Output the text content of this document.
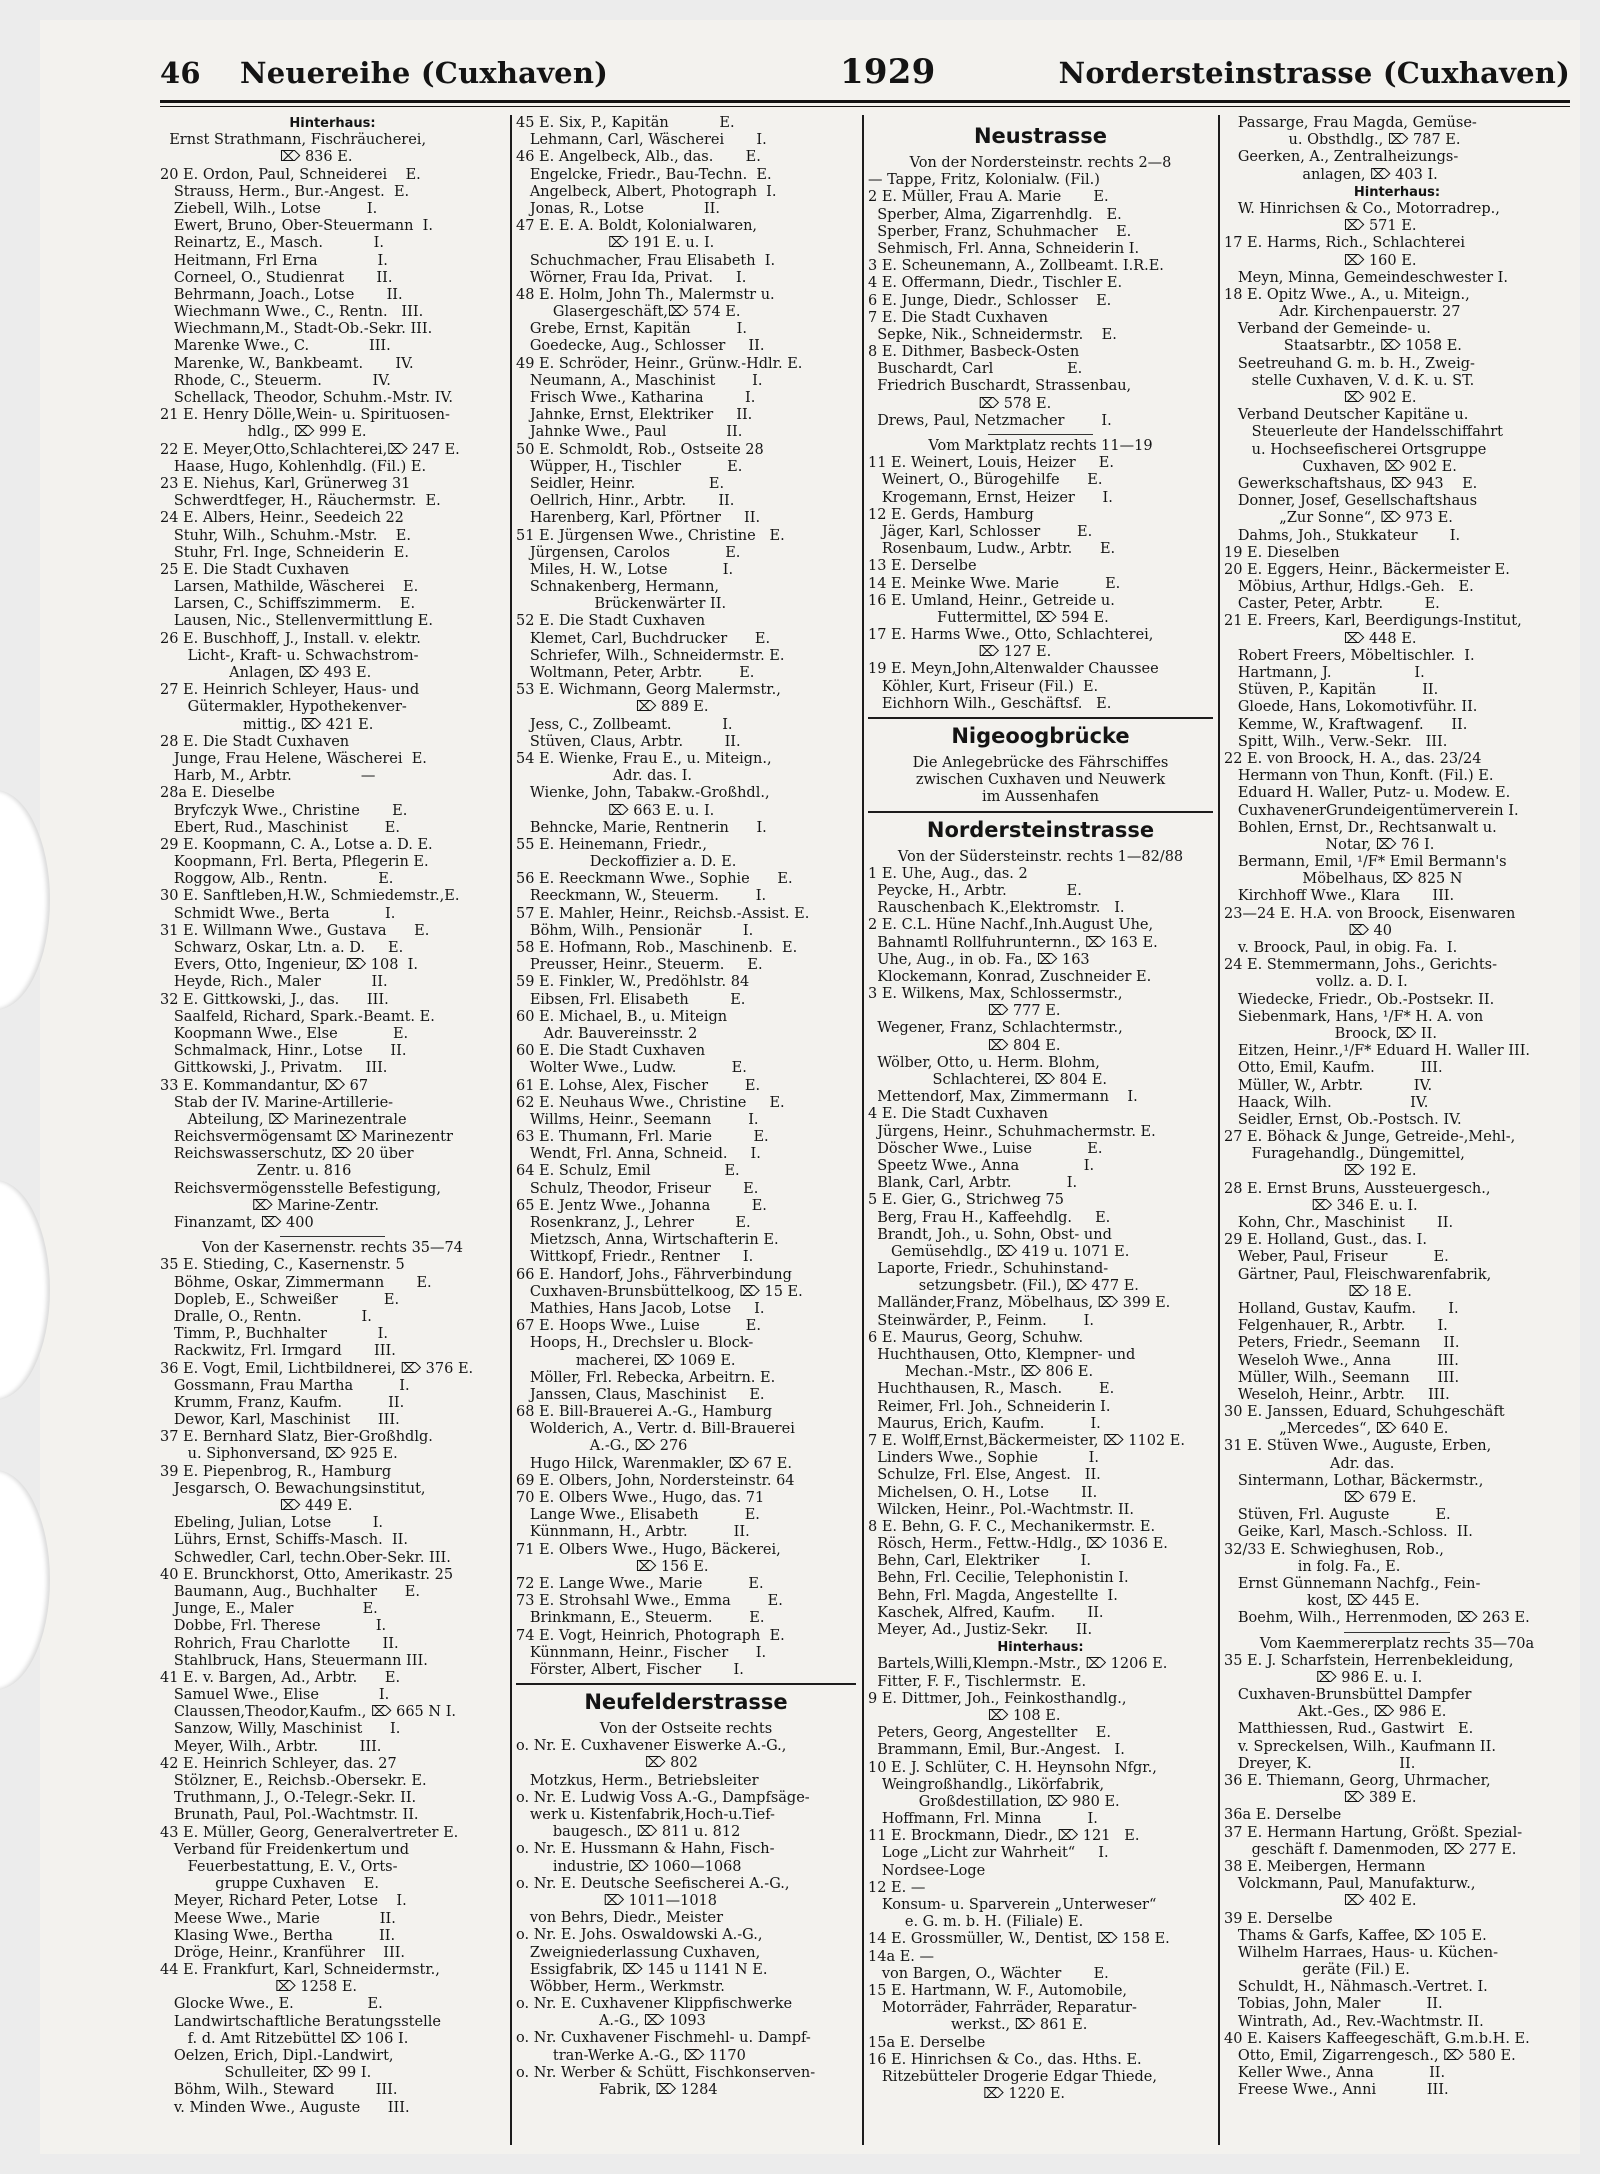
46 Neuereihe (Cuxhaven)	1929	Nordersteinstrasse (Cuxhaven)
Hinterhaus:
Ernst Strathmann, Fischräucherei,
⌦ 836 E.
20 E. Ordon, Paul, Schneiderei    E.
Strauss, Herm., Bur.-Angest.  E.
Ziebell, Wilh., Lotse          I.
Ewert, Bruno, Ober-Steuermann  I.
Reinartz, E., Masch.           I.
Heitmann, Frl Erna             I.
Corneel, O., Studienrat       II.
Behrmann, Joach., Lotse       II.
Wiechmann Wwe., C., Rentn.   III.
Wiechmann,M., Stadt-Ob.-Sekr. III.
Marenke Wwe., C.             III.
Marenke, W., Bankbeamt.       IV.
Rhode, C., Steuerm.           IV.
Schellack, Theodor, Schuhm.-Mstr. IV.
21 E. Henry Dölle,Wein- u. Spirituosen-
hdlg., ⌦ 999 E.
22 E. Meyer,Otto,Schlachterei,⌦ 247 E.
Haase, Hugo, Kohlenhdlg. (Fil.) E.
23 E. Niehus, Karl, Grünerweg 31
Schwerdtfeger, H., Räuchermstr.  E.
24 E. Albers, Heinr., Seedeich 22
Stuhr, Wilh., Schuhm.-Mstr.    E.
Stuhr, Frl. Inge, Schneiderin  E.
25 E. Die Stadt Cuxhaven
Larsen, Mathilde, Wäscherei    E.
Larsen, C., Schiffszimmerm.    E.
Lausen, Nic., Stellenvermittlung E.
26 E. Buschhoff, J., Install. v. elektr.
Licht-, Kraft- u. Schwachstrom-
Anlagen, ⌦ 493 E.
27 E. Heinrich Schleyer, Haus- und
Gütermakler, Hypothekenver-
mittig., ⌦ 421 E.
28 E. Die Stadt Cuxhaven
Junge, Frau Helene, Wäscherei  E.
Harb, M., Arbtr.               —
28a E. Dieselbe
Bryfczyk Wwe., Christine       E.
Ebert, Rud., Maschinist        E.
29 E. Koopmann, C. A., Lotse a. D. E.
Koopmann, Frl. Berta, Pflegerin E.
Roggow, Alb., Rentn.           E.
30 E. Sanftleben,H.W., Schmiedemstr.,E.
Schmidt Wwe., Berta            I.
31 E. Willmann Wwe., Gustava      E.
Schwarz, Oskar, Ltn. a. D.     E.
Evers, Otto, Ingenieur, ⌦ 108  I.
Heyde, Rich., Maler           II.
32 E. Gittkowski, J., das.      III.
Saalfeld, Richard, Spark.-Beamt. E.
Koopmann Wwe., Else            E.
Schmalmack, Hinr., Lotse      II.
Gittkowski, J., Privatm.     III.
33 E. Kommandantur, ⌦ 67
Stab der IV. Marine-Artillerie-
Abteilung, ⌦ Marinezentrale
Reichsvermögensamt ⌦ Marinezentr
Reichswasserschutz, ⌦ 20 über
Zentr. u. 816
Reichsvermögensstelle Befestigung,
⌦ Marine-Zentr.
Finanzamt, ⌦ 400
Von der Kasernenstr. rechts 35—74
35 E. Stieding, C., Kasernenstr. 5
Böhme, Oskar, Zimmermann       E.
Dopleb, E., Schweißer          E.
Dralle, O., Rentn.             I.
Timm, P., Buchhalter           I.
Rackwitz, Frl. Irmgard       III.
36 E. Vogt, Emil, Lichtbildnerei, ⌦ 376 E.
Gossmann, Frau Martha          I.
Krumm, Franz, Kaufm.          II.
Dewor, Karl, Maschinist      III.
37 E. Bernhard Slatz, Bier-Großhdlg.
u. Siphonversand, ⌦ 925 E.
39 E. Piepenbrog, R., Hamburg
Jesgarsch, O. Bewachungsinstitut,
⌦ 449 E.
Ebeling, Julian, Lotse         I.
Lührs, Ernst, Schiffs-Masch.  II.
Schwedler, Carl, techn.Ober-Sekr. III.
40 E. Brunckhorst, Otto, Amerikastr. 25
Baumann, Aug., Buchhalter      E.
Junge, E., Maler               E.
Dobbe, Frl. Therese            I.
Rohrich, Frau Charlotte       II.
Stahlbruck, Hans, Steuermann III.
41 E. v. Bargen, Ad., Arbtr.      E.
Samuel Wwe., Elise             I.
Claussen,Theodor,Kaufm., ⌦ 665 N I.
Sanzow, Willy, Maschinist      I.
Meyer, Wilh., Arbtr.         III.
42 E. Heinrich Schleyer, das. 27
Stölzner, E., Reichsb.-Obersekr. E.
Truthmann, J., O.-Telegr.-Sekr. II.
Brunath, Paul, Pol.-Wachtmstr. II.
43 E. Müller, Georg, Generalvertreter E.
Verband für Freidenkertum und
Feuerbestattung, E. V., Orts-
gruppe Cuxhaven    E.
Meyer, Richard Peter, Lotse    I.
Meese Wwe., Marie             II.
Klasing Wwe., Bertha          II.
Dröge, Heinr., Kranführer    III.
44 E. Frankfurt, Karl, Schneidermstr.,
⌦ 1258 E.
Glocke Wwe., E.                E.
Landwirtschaftliche Beratungsstelle
f. d. Amt Ritzebüttel ⌦ 106 I.
Oelzen, Erich, Dipl.-Landwirt,
Schulleiter, ⌦ 99 I.
Böhm, Wilh., Steward         III.
v. Minden Wwe., Auguste      III.
45 E. Six, P., Kapitän           E.
Lehmann, Carl, Wäscherei       I.
46 E. Angelbeck, Alb., das.       E.
Engelcke, Friedr., Bau-Techn.  E.
Angelbeck, Albert, Photograph  I.
Jonas, R., Lotse             II.
47 E. E. A. Boldt, Kolonialwaren,
⌦ 191 E. u. I.
Schuchmacher, Frau Elisabeth  I.
Wörner, Frau Ida, Privat.     I.
48 E. Holm, John Th., Malermstr u.
Glasergeschäft,⌦ 574 E.
Grebe, Ernst, Kapitän          I.
Goedecke, Aug., Schlosser     II.
49 E. Schröder, Heinr., Grünw.-Hdlr. E.
Neumann, A., Maschinist        I.
Frisch Wwe., Katharina         I.
Jahnke, Ernst, Elektriker     II.
Jahnke Wwe., Paul             II.
50 E. Schmoldt, Rob., Ostseite 28
Wüpper, H., Tischler          E.
Seidler, Heinr.                E.
Oellrich, Hinr., Arbtr.       II.
Harenberg, Karl, Pförtner     II.
51 E. Jürgensen Wwe., Christine   E.
Jürgensen, Carolos            E.
Miles, H. W., Lotse            I.
Schnakenberg, Hermann,
Brückenwärter II.
52 E. Die Stadt Cuxhaven
Klemet, Carl, Buchdrucker      E.
Schriefer, Wilh., Schneidermstr. E.
Woltmann, Peter, Arbtr.        E.
53 E. Wichmann, Georg Malermstr.,
⌦ 889 E.
Jess, C., Zollbeamt.           I.
Stüven, Claus, Arbtr.         II.
54 E. Wienke, Frau E., u. Miteign.,
Adr. das. I.
Wienke, John, Tabakw.-Großhdl.,
⌦ 663 E. u. I.
Behncke, Marie, Rentnerin      I.
55 E. Heinemann, Friedr.,
Deckoffizier a. D. E.
56 E. Reeckmann Wwe., Sophie      E.
Reeckmann, W., Steuerm.        I.
57 E. Mahler, Heinr., Reichsb.-Assist. E.
Böhm, Wilh., Pensionär         I.
58 E. Hofmann, Rob., Maschinenb.  E.
Preusser, Heinr., Steuerm.     E.
59 E. Finkler, W., Predöhlstr. 84
Eibsen, Frl. Elisabeth         E.
60 E. Michael, B., u. Miteign
Adr. Bauvereinsstr. 2
60 E. Die Stadt Cuxhaven
Wolter Wwe., Ludw.            E.
61 E. Lohse, Alex, Fischer        E.
62 E. Neuhaus Wwe., Christine     E.
Willms, Heinr., Seemann        I.
63 E. Thumann, Frl. Marie         E.
Wendt, Frl. Anna, Schneid.     I.
64 E. Schulz, Emil                E.
Schulz, Theodor, Friseur       E.
65 E. Jentz Wwe., Johanna         E.
Rosenkranz, J., Lehrer         E.
Mietzsch, Anna, Wirtschafterin E.
Wittkopf, Friedr., Rentner     I.
66 E. Handorf, Johs., Fährverbindung
Cuxhaven-Brunsbüttelkoog, ⌦ 15 E.
Mathies, Hans Jacob, Lotse     I.
67 E. Hoops Wwe., Luise          E.
Hoops, H., Drechsler u. Block-
macherei, ⌦ 1069 E.
Möller, Frl. Rebecka, Arbeitrn. E.
Janssen, Claus, Maschinist     E.
68 E. Bill-Brauerei A.-G., Hamburg
Wolderich, A., Vertr. d. Bill-Brauerei
A.-G., ⌦ 276
Hugo Hilck, Warenmakler, ⌦ 67 E.
69 E. Olbers, John, Nordersteinstr. 64
70 E. Olbers Wwe., Hugo, das. 71
Lange Wwe., Elisabeth          E.
Künnmann, H., Arbtr.          II.
71 E. Olbers Wwe., Hugo, Bäckerei,
⌦ 156 E.
72 E. Lange Wwe., Marie          E.
73 E. Strohsahl Wwe., Emma        E.
Brinkmann, E., Steuerm.        E.
74 E. Vogt, Heinrich, Photograph  E.
Künnmann, Heinr., Fischer      I.
Förster, Albert, Fischer       I.
Neufelderstrasse
Von der Ostseite rechts
o. Nr. E. Cuxhavener Eiswerke A.-G.,
⌦ 802
Motzkus, Herm., Betriebsleiter
o. Nr. E. Ludwig Voss A.-G., Dampfsäge-
werk u. Kistenfabrik,Hoch-u.Tief-
baugesch., ⌦ 811 u. 812
o. Nr. E. Hussmann & Hahn, Fisch-
industrie, ⌦ 1060—1068
o. Nr. E. Deutsche Seefischerei A.-G.,
⌦ 1011—1018
von Behrs, Diedr., Meister
o. Nr. E. Johs. Oswaldowski A.-G.,
Zweigniederlassung Cuxhaven,
Essigfabrik, ⌦ 145 u 1141 N E.
Wöbber, Herm., Werkmstr.
o. Nr. E. Cuxhavener Klippfischwerke
A.-G., ⌦ 1093
o. Nr. Cuxhavener Fischmehl- u. Dampf-
tran-Werke A.-G., ⌦ 1170
o. Nr. Werber & Schütt, Fischkonserven-
Fabrik, ⌦ 1284
Neustrasse
Von der Nordersteinstr. rechts 2—8
— Tappe, Fritz, Kolonialw. (Fil.)
2 E. Müller, Frau A. Marie       E.
Sperber, Alma, Zigarrenhdlg.   E.
Sperber, Franz, Schuhmacher    E.
Sehmisch, Frl. Anna, Schneiderin I.
3 E. Scheunemann, A., Zollbeamt. I.R.E.
4 E. Offermann, Diedr., Tischler E.
6 E. Junge, Diedr., Schlosser    E.
7 E. Die Stadt Cuxhaven
Sepke, Nik., Schneidermstr.    E.
8 E. Dithmer, Basbeck-Osten
Buschardt, Carl                E.
Friedrich Buschardt, Strassenbau,
⌦ 578 E.
Drews, Paul, Netzmacher        I.
Vom Marktplatz rechts 11—19
11 E. Weinert, Louis, Heizer     E.
Weinert, O., Bürogehilfe      E.
Krogemann, Ernst, Heizer      I.
12 E. Gerds, Hamburg
Jäger, Karl, Schlosser        E.
Rosenbaum, Ludw., Arbtr.      E.
13 E. Derselbe
14 E. Meinke Wwe. Marie          E.
16 E. Umland, Heinr., Getreide u.
Futtermittel, ⌦ 594 E.
17 E. Harms Wwe., Otto, Schlachterei,
⌦ 127 E.
19 E. Meyn,John,Altenwalder Chaussee
Köhler, Kurt, Friseur (Fil.)  E.
Eichhorn Wilh., Geschäftsf.   E.
Nigeoogbrücke
Die Anlegebrücke des Fährschiffes
zwischen Cuxhaven und Neuwerk
im Aussenhafen
Nordersteinstrasse
Von der Südersteinstr. rechts 1—82/88
1 E. Uhe, Aug., das. 2
Peycke, H., Arbtr.             E.
Rauschenbach K.,Elektromstr.   I.
2 E. C.L. Hüne Nachf.,Inh.August Uhe,
Bahnamtl Rollfuhrunternn., ⌦ 163 E.
Uhe, Aug., in ob. Fa., ⌦ 163
Klockemann, Konrad, Zuschneider E.
3 E. Wilkens, Max, Schlossermstr.,
⌦ 777 E.
Wegener, Franz, Schlachtermstr.,
⌦ 804 E.
Wölber, Otto, u. Herm. Blohm,
Schlachterei, ⌦ 804 E.
Mettendorf, Max, Zimmermann    I.
4 E. Die Stadt Cuxhaven
Jürgens, Heinr., Schuhmachermstr. E.
Döscher Wwe., Luise            E.
Speetz Wwe., Anna              I.
Blank, Carl, Arbtr.            I.
5 E. Gier, G., Strichweg 75
Berg, Frau H., Kaffeehdlg.     E.
Brandt, Joh., u. Sohn, Obst- und
Gemüsehdlg., ⌦ 419 u. 1071 E.
Laporte, Friedr., Schuhinstand-
setzungsbetr. (Fil.), ⌦ 477 E.
Malländer,Franz, Möbelhaus, ⌦ 399 E.
Steinwärder, P., Feinm.        I.
6 E. Maurus, Georg, Schuhw.
Huchthausen, Otto, Klempner- und
Mechan.-Mstr., ⌦ 806 E.
Huchthausen, R., Masch.        E.
Reimer, Frl. Joh., Schneiderin I.
Maurus, Erich, Kaufm.          I.
7 E. Wolff,Ernst,Bäckermeister, ⌦ 1102 E.
Linders Wwe., Sophie           I.
Schulze, Frl. Else, Angest.   II.
Michelsen, O. H., Lotse       II.
Wilcken, Heinr., Pol.-Wachtmstr. II.
8 E. Behn, G. F. C., Mechanikermstr. E.
Rösch, Herm., Fettw.-Hdlg., ⌦ 1036 E.
Behn, Carl, Elektriker         I.
Behn, Frl. Cecilie, Telephonistin I.
Behn, Frl. Magda, Angestellte  I.
Kaschek, Alfred, Kaufm.       II.
Meyer, Ad., Justiz-Sekr.      II.
Hinterhaus:
Bartels,Willi,Klempn.-Mstr., ⌦ 1206 E.
Fitter, F. F., Tischlermstr.  E.
9 E. Dittmer, Joh., Feinkosthandlg.,
⌦ 108 E.
Peters, Georg, Angestellter    E.
Brammann, Emil, Bur.-Angest.   I.
10 E. J. Schlüter, C. H. Heynsohn Nfgr.,
Weingroßhandlg., Likörfabrik,
Großdestillation, ⌦ 980 E.
Hoffmann, Frl. Minna          I.
11 E. Brockmann, Diedr., ⌦ 121   E.
Loge „Licht zur Wahrheit“     I.
Nordsee-Loge
12 E. —
Konsum- u. Sparverein „Unterweser“
e. G. m. b. H. (Filiale) E.
14 E. Grossmüller, W., Dentist, ⌦ 158 E.
14a E. —
von Bargen, O., Wächter       E.
15 E. Hartmann, W. F., Automobile,
Motorräder, Fahrräder, Reparatur-
werkst., ⌦ 861 E.
15a E. Derselbe
16 E. Hinrichsen & Co., das. Hths. E.
Ritzebütteler Drogerie Edgar Thiede,
⌦ 1220 E.
Passarge, Frau Magda, Gemüse-
u. Obsthdlg., ⌦ 787 E.
Geerken, A., Zentralheizungs-
anlagen, ⌦ 403 I.
Hinterhaus:
W. Hinrichsen & Co., Motorradrep.,
⌦ 571 E.
17 E. Harms, Rich., Schlachterei
⌦ 160 E.
Meyn, Minna, Gemeindeschwester I.
18 E. Opitz Wwe., A., u. Miteign.,
Adr. Kirchenpauerstr. 27
Verband der Gemeinde- u.
Staatsarbtr., ⌦ 1058 E.
Seetreuhand G. m. b. H., Zweig-
stelle Cuxhaven, V. d. K. u. ST.
⌦ 902 E.
Verband Deutscher Kapitäne u.
Steuerleute der Handelsschiffahrt
u. Hochseefischerei Ortsgruppe
Cuxhaven, ⌦ 902 E.
Gewerkschaftshaus, ⌦ 943    E.
Donner, Josef, Gesellschaftshaus
„Zur Sonne“, ⌦ 973 E.
Dahms, Joh., Stukkateur       I.
19 E. Dieselben
20 E. Eggers, Heinr., Bäckermeister E.
Möbius, Arthur, Hdlgs.-Geh.   E.
Caster, Peter, Arbtr.         E.
21 E. Freers, Karl, Beerdigungs-Institut,
⌦ 448 E.
Robert Freers, Möbeltischler.  I.
Hartmann, J.                  I.
Stüven, P., Kapitän          II.
Gloede, Hans, Lokomotivführ. II.
Kemme, W., Kraftwagenf.      II.
Spitt, Wilh., Verw.-Sekr.   III.
22 E. von Broock, H. A., das. 23/24
Hermann von Thun, Konft. (Fil.) E.
Eduard H. Waller, Putz- u. Modew. E.
CuxhavenerGrundeigentümerverein I.
Bohlen, Ernst, Dr., Rechtsanwalt u.
Notar, ⌦ 76 I.
Bermann, Emil, ¹/F* Emil Bermann's
Möbelhaus, ⌦ 825 N
Kirchhoff Wwe., Klara       III.
23—24 E. H.A. von Broock, Eisenwaren
⌦ 40
v. Broock, Paul, in obig. Fa.  I.
24 E. Stemmermann, Johs., Gerichts-
vollz. a. D. I.
Wiedecke, Friedr., Ob.-Postsekr. II.
Siebenmark, Hans, ¹/F* H. A. von
Broock, ⌦ II.
Eitzen, Heinr.,¹/F* Eduard H. Waller III.
Otto, Emil, Kaufm.          III.
Müller, W., Arbtr.           IV.
Haack, Wilh.                 IV.
Seidler, Ernst, Ob.-Postsch. IV.
27 E. Böhack & Junge, Getreide-,Mehl-,
Furagehandlg., Düngemittel,
⌦ 192 E.
28 E. Ernst Bruns, Aussteuergesch.,
⌦ 346 E. u. I.
Kohn, Chr., Maschinist       II.
29 E. Holland, Gust., das. I.
Weber, Paul, Friseur          E.
Gärtner, Paul, Fleischwarenfabrik,
⌦ 18 E.
Holland, Gustav, Kaufm.       I.
Felgenhauer, R., Arbtr.       I.
Peters, Friedr., Seemann     II.
Weseloh Wwe., Anna          III.
Müller, Wilh., Seemann      III.
Weseloh, Heinr., Arbtr.     III.
30 E. Janssen, Eduard, Schuhgeschäft
„Mercedes“, ⌦ 640 E.
31 E. Stüven Wwe., Auguste, Erben,
Adr. das.
Sintermann, Lothar, Bäckermstr.,
⌦ 679 E.
Stüven, Frl. Auguste          E.
Geike, Karl, Masch.-Schloss.  II.
32/33 E. Schwieghusen, Rob.,
in folg. Fa., E.
Ernst Günnemann Nachfg., Fein-
kost, ⌦ 445 E.
Boehm, Wilh., Herrenmoden, ⌦ 263 E.
Vom Kaemmererplatz rechts 35—70a
35 E. J. Scharfstein, Herrenbekleidung,
⌦ 986 E. u. I.
Cuxhaven-Brunsbüttel Dampfer
Akt.-Ges., ⌦ 986 E.
Matthiessen, Rud., Gastwirt   E.
v. Spreckelsen, Wilh., Kaufmann II.
Dreyer, K.                   II.
36 E. Thiemann, Georg, Uhrmacher,
⌦ 389 E.
36a E. Derselbe
37 E. Hermann Hartung, Größt. Spezial-
geschäft f. Damenmoden, ⌦ 277 E.
38 E. Meibergen, Hermann
Volckmann, Paul, Manufakturw.,
⌦ 402 E.
39 E. Derselbe
Thams & Garfs, Kaffee, ⌦ 105 E.
Wilhelm Harraes, Haus- u. Küchen-
geräte (Fil.) E.
Schuldt, H., Nähmasch.-Vertret. I.
Tobias, John, Maler          II.
Wintrath, Ad., Rev.-Wachtmstr. II.
40 E. Kaisers Kaffeegeschäft, G.m.b.H. E.
Otto, Emil, Zigarrengesch., ⌦ 580 E.
Keller Wwe., Anna            II.
Freese Wwe., Anni           III.
